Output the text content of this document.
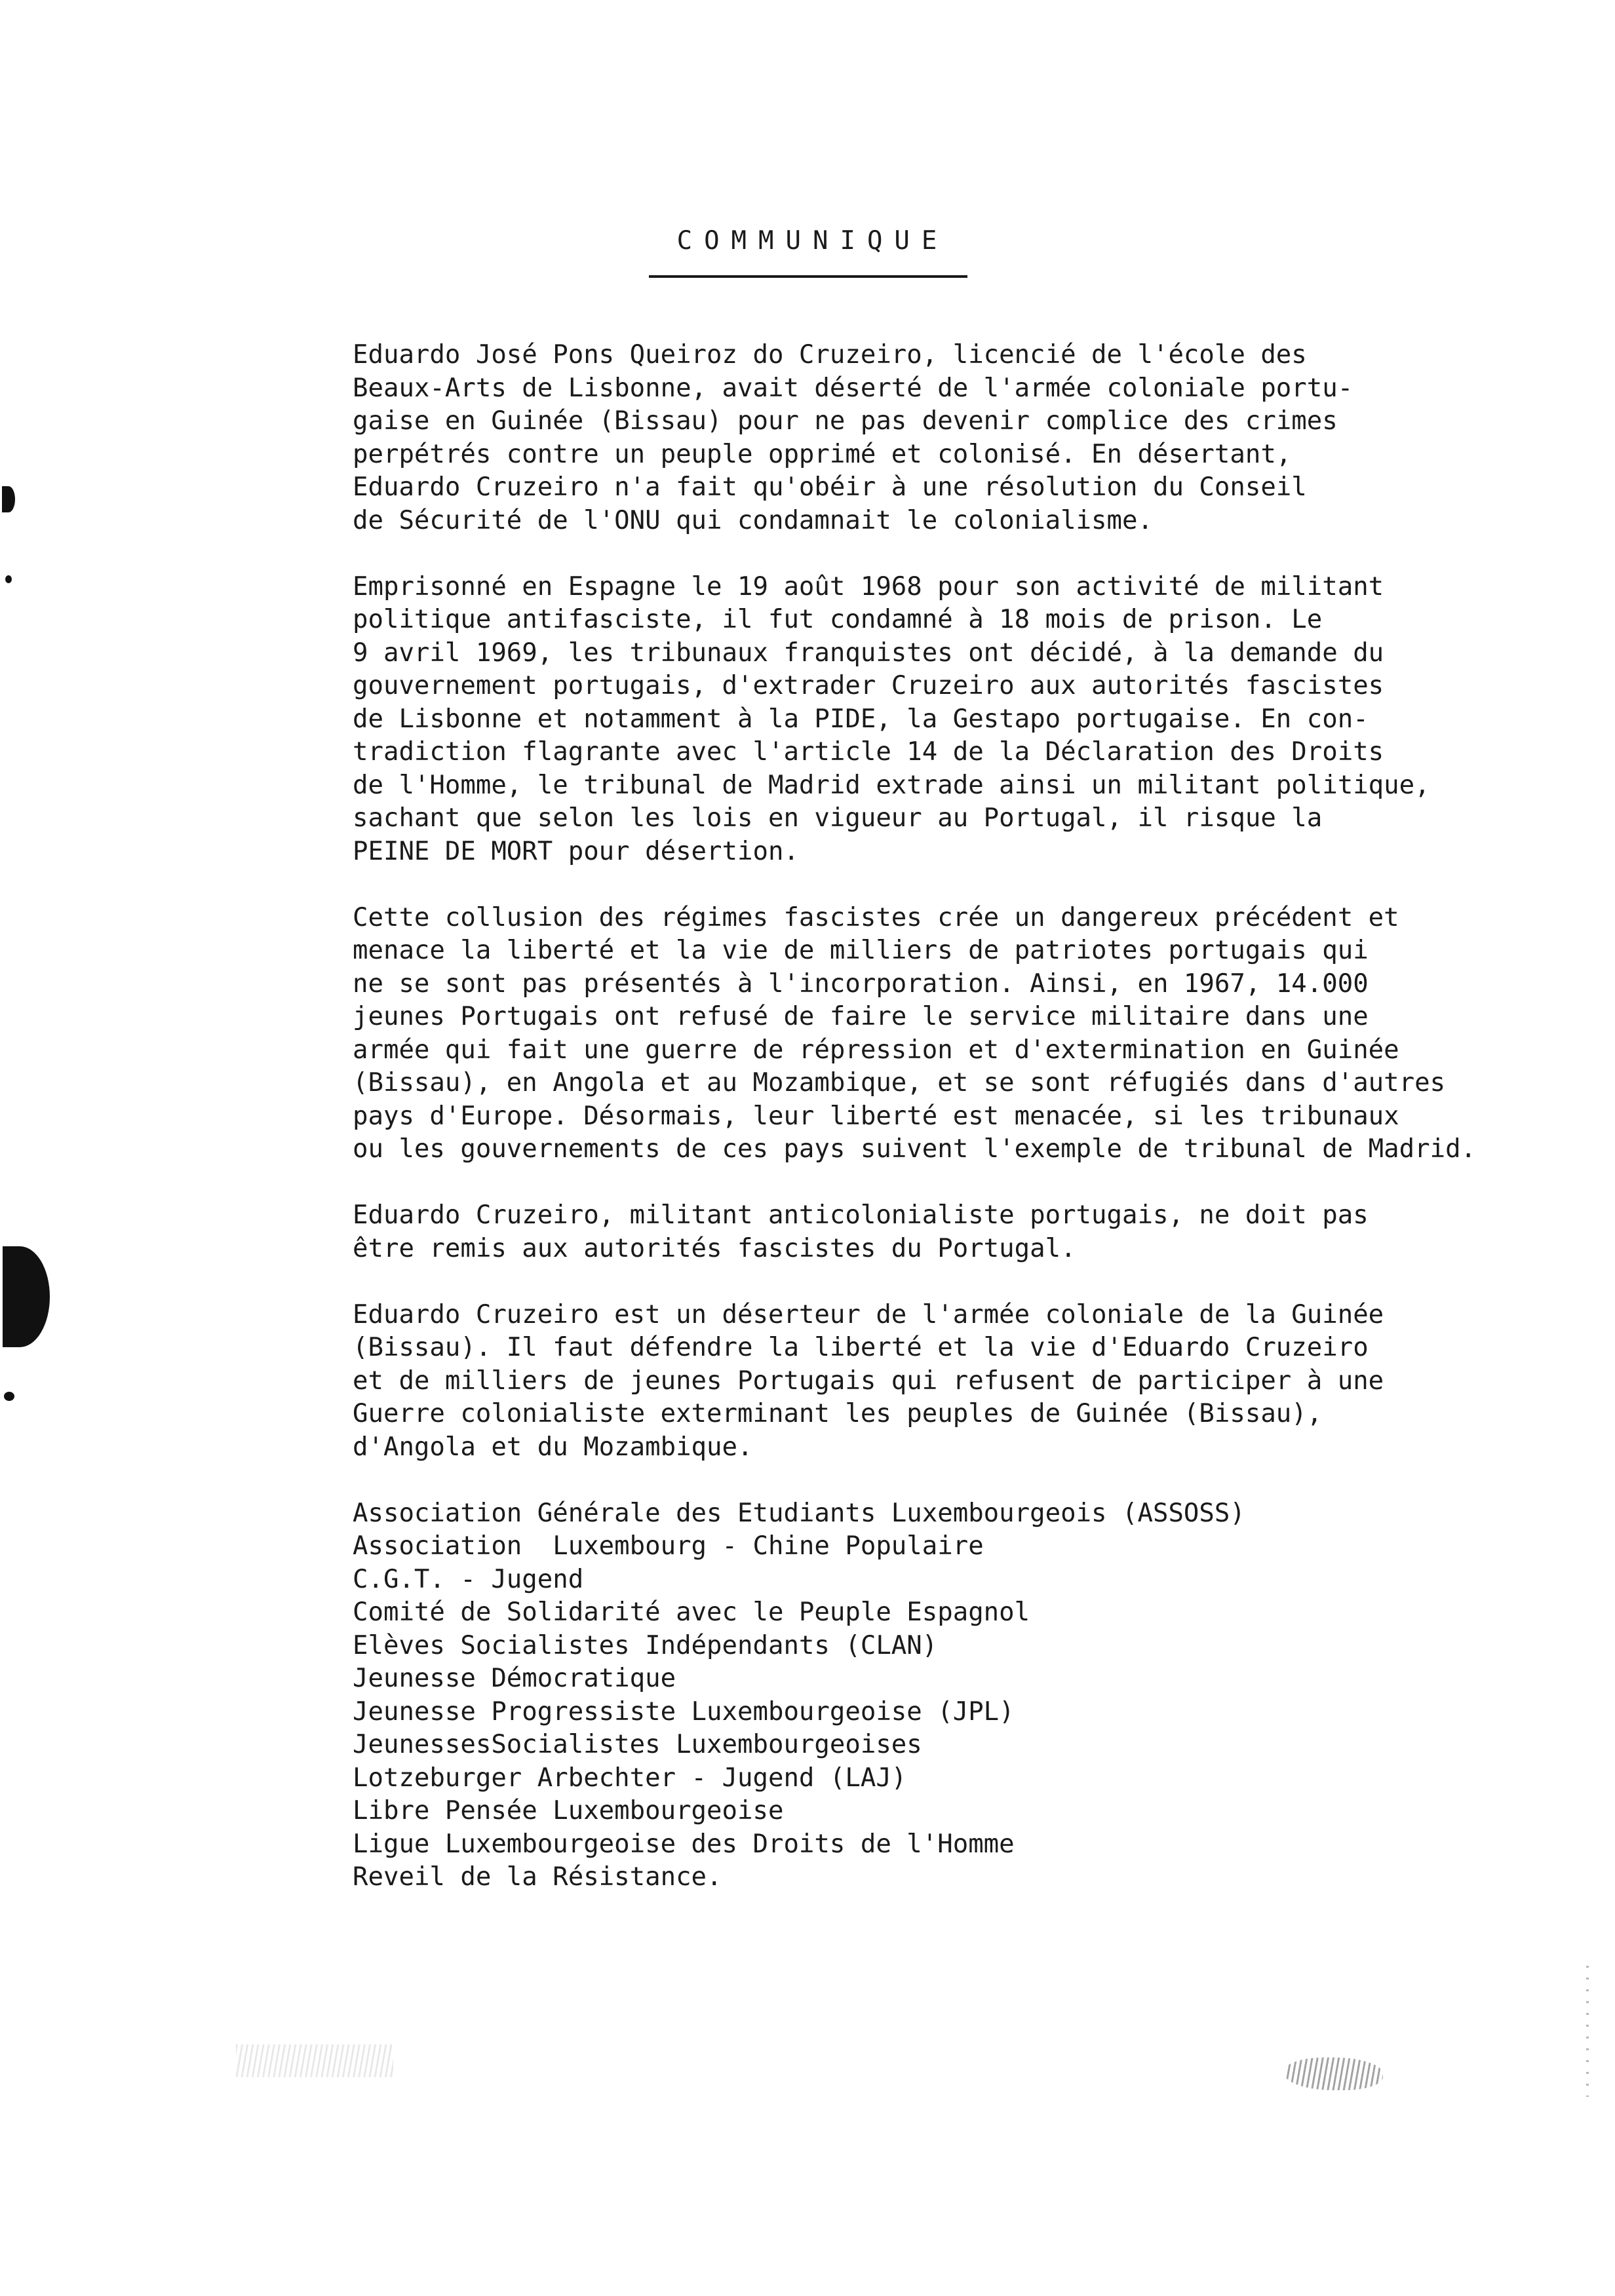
COMMUNIQUE
Eduardo José Pons Queiroz do Cruzeiro, licencié de l'école des
Beaux-Arts de Lisbonne, avait déserté de l'armée coloniale portu-
gaise en Guinée (Bissau) pour ne pas devenir complice des crimes
perpétrés contre un peuple opprimé et colonisé. En désertant,
Eduardo Cruzeiro n'a fait qu'obéir à une résolution du Conseil
de Sécurité de l'ONU qui condamnait le colonialisme.
Emprisonné en Espagne le 19 août 1968 pour son activité de militant
politique antifasciste, il fut condamné à 18 mois de prison. Le
9 avril 1969, les tribunaux franquistes ont décidé, à la demande du
gouvernement portugais, d'extrader Cruzeiro aux autorités fascistes
de Lisbonne et notamment à la PIDE, la Gestapo portugaise. En con-
tradiction flagrante avec l'article 14 de la Déclaration des Droits
de l'Homme, le tribunal de Madrid extrade ainsi un militant politique,
sachant que selon les lois en vigueur au Portugal, il risque la
PEINE DE MORT pour désertion.
Cette collusion des régimes fascistes crée un dangereux précédent et
menace la liberté et la vie de milliers de patriotes portugais qui
ne se sont pas présentés à l'incorporation. Ainsi, en 1967, 14.000
jeunes Portugais ont refusé de faire le service militaire dans une
armée qui fait une guerre de répression et d'extermination en Guinée
(Bissau), en Angola et au Mozambique, et se sont réfugiés dans d'autres
pays d'Europe. Désormais, leur liberté est menacée, si les tribunaux
ou les gouvernements de ces pays suivent l'exemple de tribunal de Madrid.
Eduardo Cruzeiro, militant anticolonialiste portugais, ne doit pas
être remis aux autorités fascistes du Portugal.
Eduardo Cruzeiro est un déserteur de l'armée coloniale de la Guinée
(Bissau). Il faut défendre la liberté et la vie d'Eduardo Cruzeiro
et de milliers de jeunes Portugais qui refusent de participer à une
Guerre colonialiste exterminant les peuples de Guinée (Bissau),
d'Angola et du Mozambique.
Association Générale des Etudiants Luxembourgeois (ASSOSS)
Association  Luxembourg - Chine Populaire
C.G.T. - Jugend
Comité de Solidarité avec le Peuple Espagnol
Elèves Socialistes Indépendants (CLAN)
Jeunesse Démocratique
Jeunesse Progressiste Luxembourgeoise (JPL)
JeunessesSocialistes Luxembourgeoises
Lotzeburger Arbechter - Jugend (LAJ)
Libre Pensée Luxembourgeoise
Ligue Luxembourgeoise des Droits de l'Homme
Reveil de la Résistance.
